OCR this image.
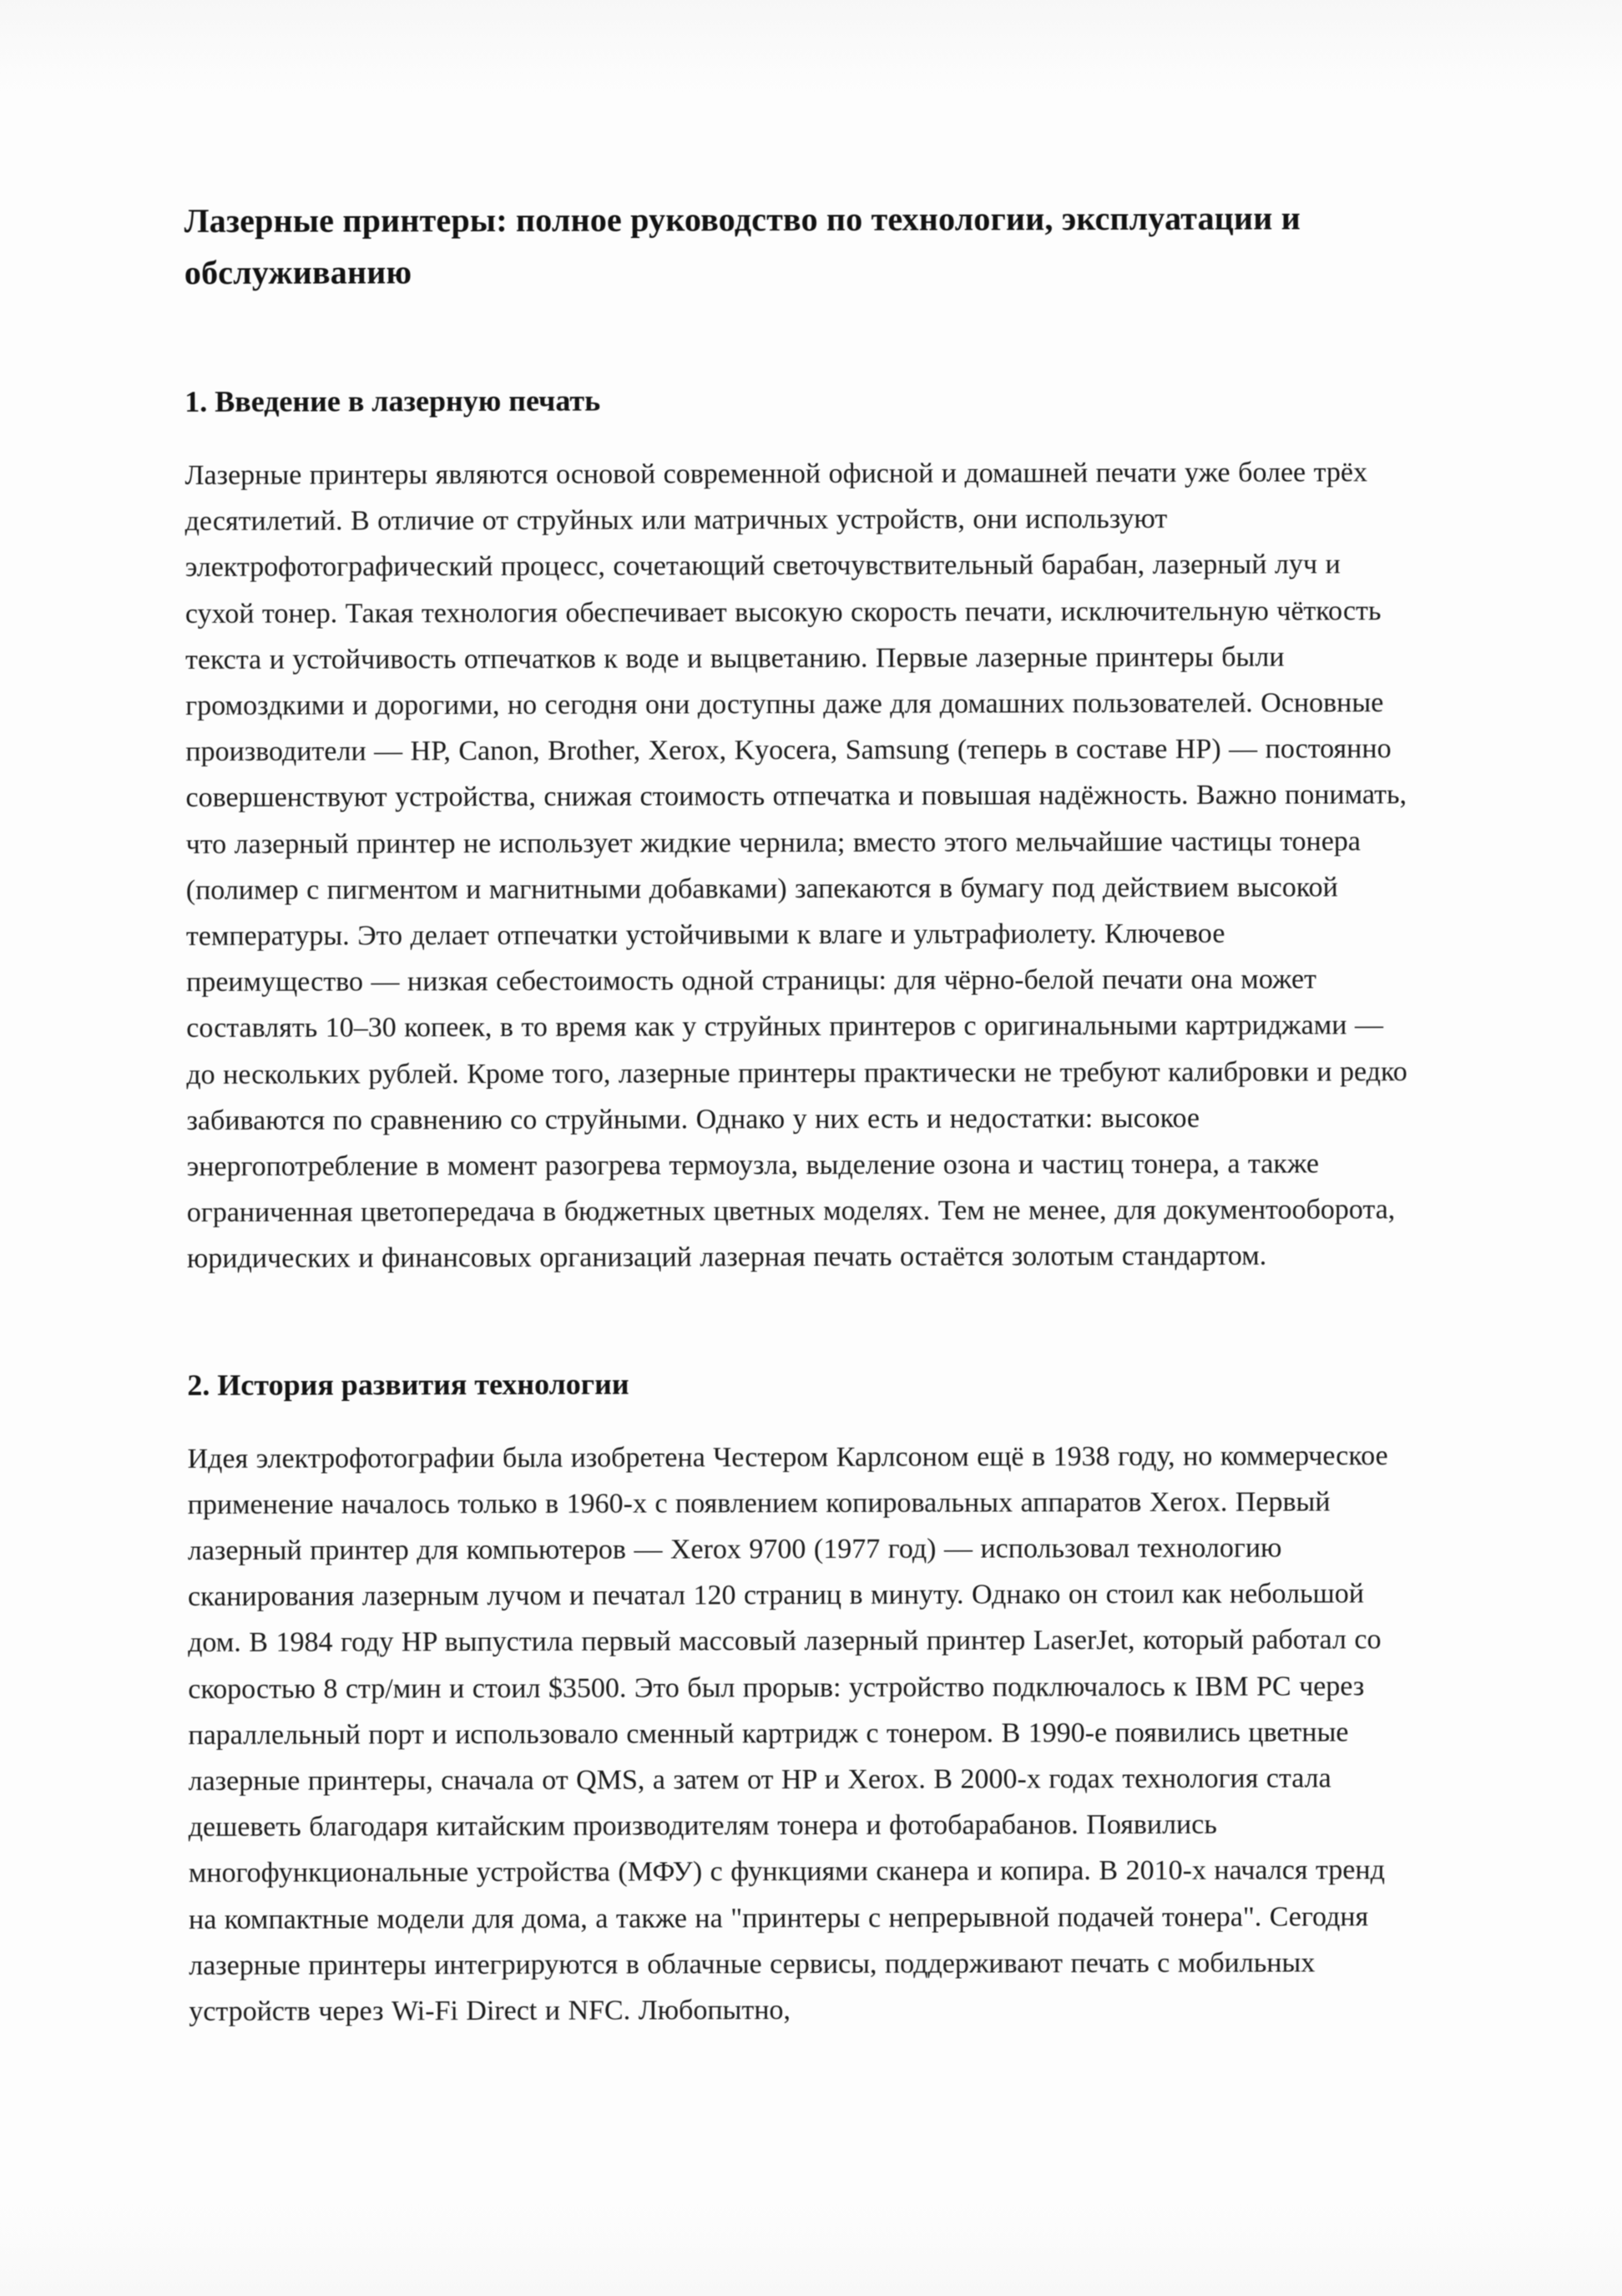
Лазерные принтеры: полное руководство по технологии, эксплуатации и обслуживанию
1. Введение в лазерную печать

Лазерные принтеры являются основой современной офисной и домашней печати уже более трёх десятилетий. В отличие от струйных или матричных устройств, они используют электрофотографический процесс, сочетающий светочувствительный барабан, лазерный луч и сухой тонер. Такая технология обеспечивает высокую скорость печати, исключительную чёткость текста и устойчивость отпечатков к воде и выцветанию. Первые лазерные принтеры были громоздкими и дорогими, но сегодня они доступны даже для домашних пользователей. Основные производители — HP, Canon, Brother, Xerox, Kyocera, Samsung (теперь в составе HP) — постоянно совершенствуют устройства, снижая стоимость отпечатка и повышая надёжность. Важно понимать, что лазерный принтер не использует жидкие чернила; вместо этого мельчайшие частицы тонера (полимер с пигментом и магнитными добавками) запекаются в бумагу под действием высокой температуры. Это делает отпечатки устойчивыми к влаге и ультрафиолету. Ключевое преимущество — низкая себестоимость одной страницы: для чёрно-белой печати она может составлять 10–30 копеек, в то время как у струйных принтеров с оригинальными картриджами — до нескольких рублей. Кроме того, лазерные принтеры практически не требуют калибровки и редко забиваются по сравнению со струйными. Однако у них есть и недостатки: высокое энергопотребление в момент разогрева термоузла, выделение озона и частиц тонера, а также ограниченная цветопередача в бюджетных цветных моделях. Тем не менее, для документооборота, юридических и финансовых организаций лазерная печать остаётся золотым стандартом.

2. История развития технологии

Идея электрофотографии была изобретена Честером Карлсоном ещё в 1938 году, но коммерческое применение началось только в 1960-х с появлением копировальных аппаратов Xerox. Первый лазерный принтер для компьютеров — Xerox 9700 (1977 год) — использовал технологию сканирования лазерным лучом и печатал 120 страниц в минуту. Однако он стоил как небольшой дом. В 1984 году HP выпустила первый массовый лазерный принтер LaserJet, который работал со скоростью 8 стр/мин и стоил $3500. Это был прорыв: устройство подключалось к IBM PC через параллельный порт и использовало сменный картридж с тонером. В 1990-е появились цветные лазерные принтеры, сначала от QMS, а затем от HP и Xerox. В 2000-х годах технология стала дешеветь благодаря китайским производителям тонера и фотобарабанов. Появились многофункциональные устройства (МФУ) с функциями сканера и копира. В 2010-х начался тренд на компактные модели для дома, а также на "принтеры с непрерывной подачей тонера". Сегодня лазерные принтеры интегрируются в облачные сервисы, поддерживают печать с мобильных устройств через Wi-Fi Direct и NFC. Любопытно,
